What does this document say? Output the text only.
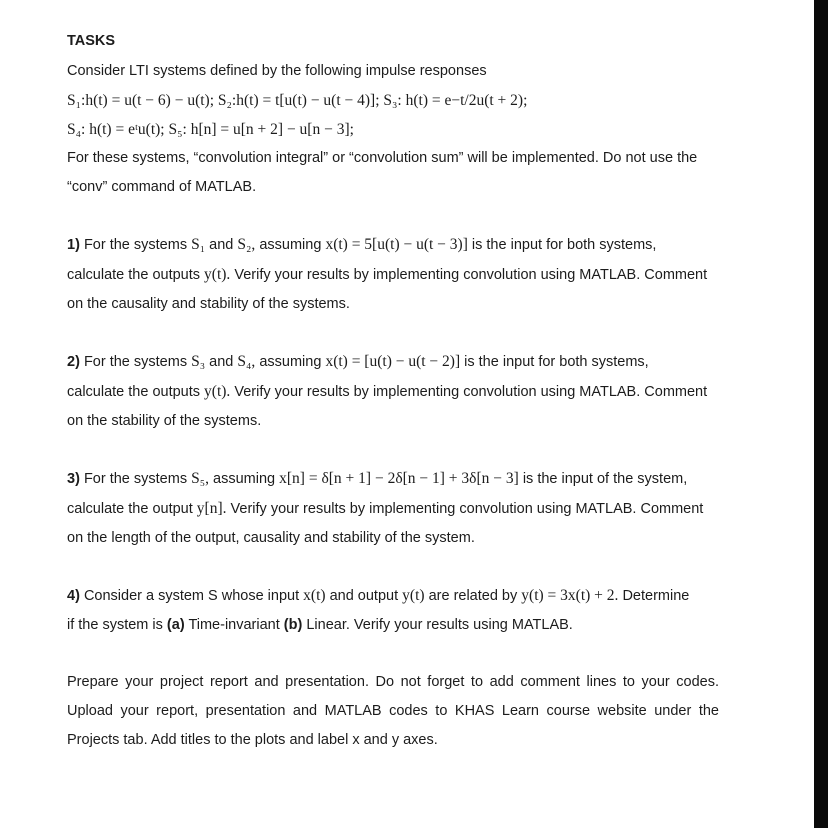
TASKS

Consider LTI systems defined by the following impulse responses

S₁:h(t) = u(t − 6) − u(t); S₂:h(t) = t[u(t) − u(t − 4)]; S₃: h(t) = e−t/2u(t + 2);

S₄: h(t) = eᵗu(t); S₅: h[n] = u[n + 2] − u[n − 3];

For these systems, “convolution integral” or “convolution sum” will be implemented. Do not use the “conv” command of MATLAB.

1) For the systems S₁ and S₂, assuming x(t) = 5[u(t) − u(t − 3)] is the input for both systems,

calculate the outputs y(t). Verify your results by implementing convolution using MATLAB. Comment

on the causality and stability of the systems.

2) For the systems S₃ and S₄, assuming x(t) = [u(t) − u(t − 2)] is the input for both systems,

calculate the outputs y(t). Verify your results by implementing convolution using MATLAB. Comment

on the stability of the systems.

3) For the systems S₅, assuming x[n] = δ[n + 1] − 2δ[n − 1] + 3δ[n − 3] is the input of the system,

calculate the output y[n]. Verify your results by implementing convolution using MATLAB. Comment

on the length of the output, causality and stability of the system.

4) Consider a system S whose input x(t) and output y(t) are related by y(t) = 3x(t) + 2. Determine

if the system is (a) Time-invariant (b) Linear. Verify your results using MATLAB.

Prepare your project report and presentation. Do not forget to add comment lines to your codes. Upload your report, presentation and MATLAB codes to KHAS Learn course website under the Projects tab. Add titles to the plots and label x and y axes.
